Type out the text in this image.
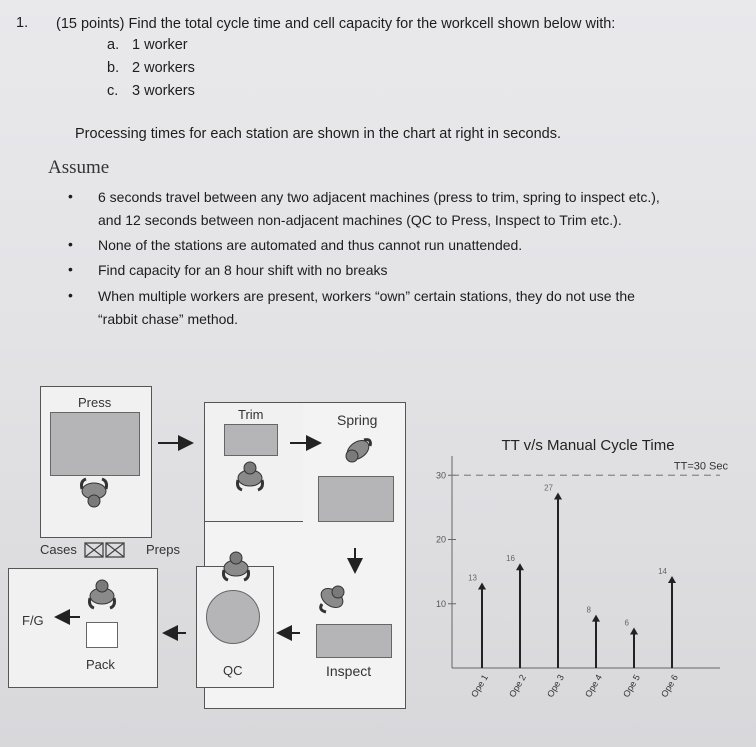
1. (15 points) Find the total cycle time and cell capacity for the workcell shown below with:
a. 1 worker
b. 2 workers
c. 3 workers
Processing times for each station are shown in the chart at right in seconds.
Assume
• 6 seconds travel between any two adjacent machines (press to trim, spring to inspect etc.),
and 12 seconds between non-adjacent machines (QC to Press, Inspect to Trim etc.).
• None of the stations are automated and thus cannot run unattended.
• Find capacity for an 8 hour shift with no breaks
• When multiple workers are present, workers “own” certain stations, they do not use the
“rabbit chase” method.
Press
Trim	Spring
Inspect
QC
Pack
Cases	Preps
F/G
TT v/s Manual Cycle Time
10
20
30
TT=30 Sec
13
Ope 1
16
Ope 2
27
Ope 3
8
Ope 4
6
Ope 5
14
Ope 6
